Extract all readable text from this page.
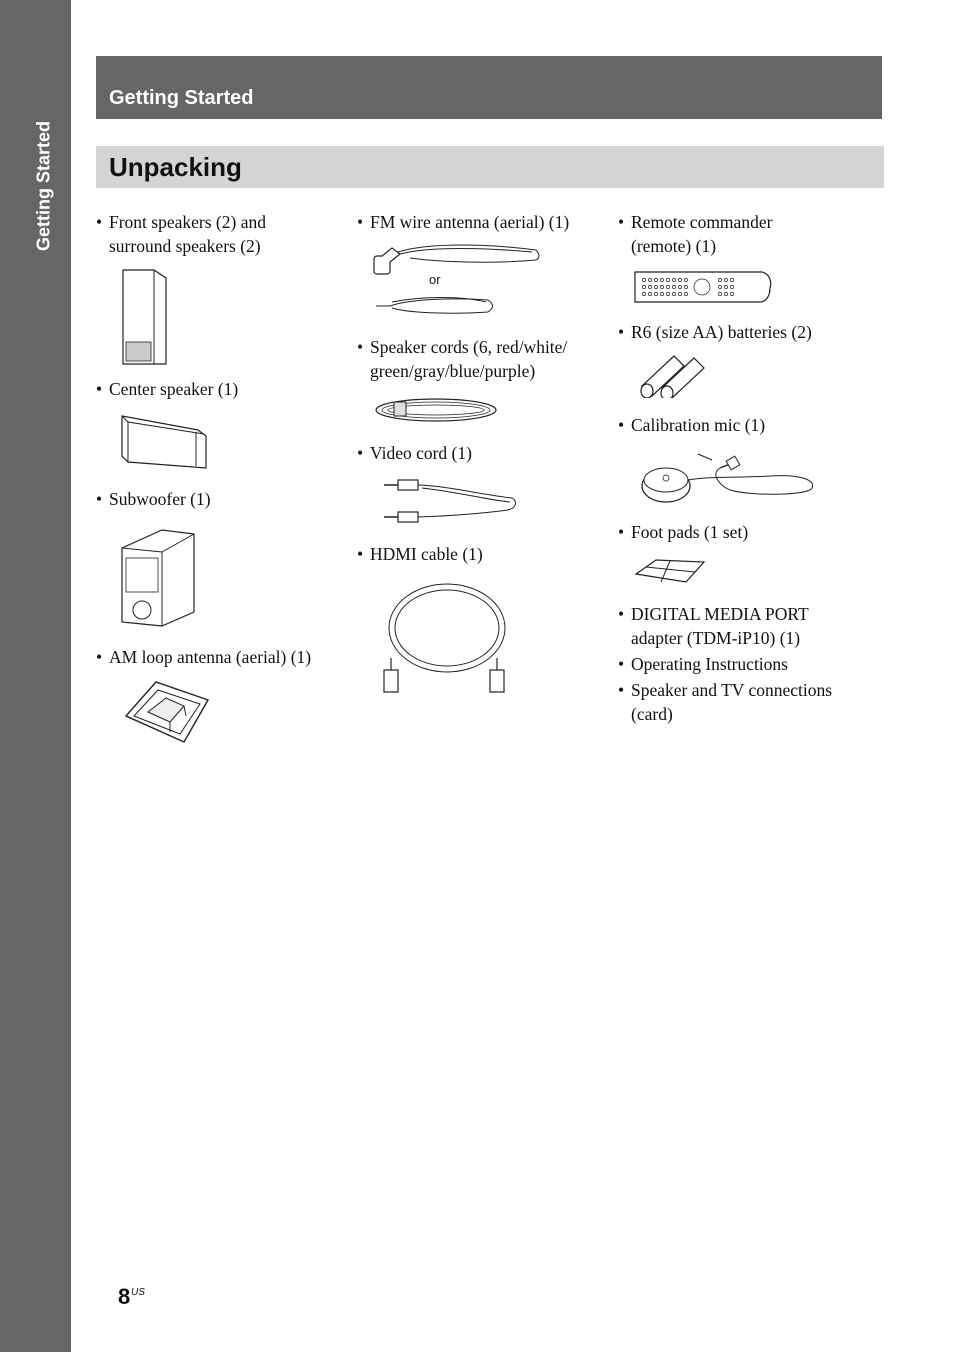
Getting Started
Getting Started
Unpacking
• Front speakers (2) and
surround speakers (2)
• Center speaker (1)
• Subwoofer (1)
• AM loop antenna (aerial) (1)
• FM wire antenna (aerial) (1)
or
• Speaker cords (6, red/white/
green/gray/blue/purple)
• Video cord (1)
• HDMI cable (1)
• Remote commander
(remote) (1)
• R6 (size AA) batteries (2)
• Calibration mic (1)
• Foot pads (1 set)
• DIGITAL MEDIA PORT
adapter (TDM-iP10) (1)
• Operating Instructions
• Speaker and TV connections
(card)
8 US
